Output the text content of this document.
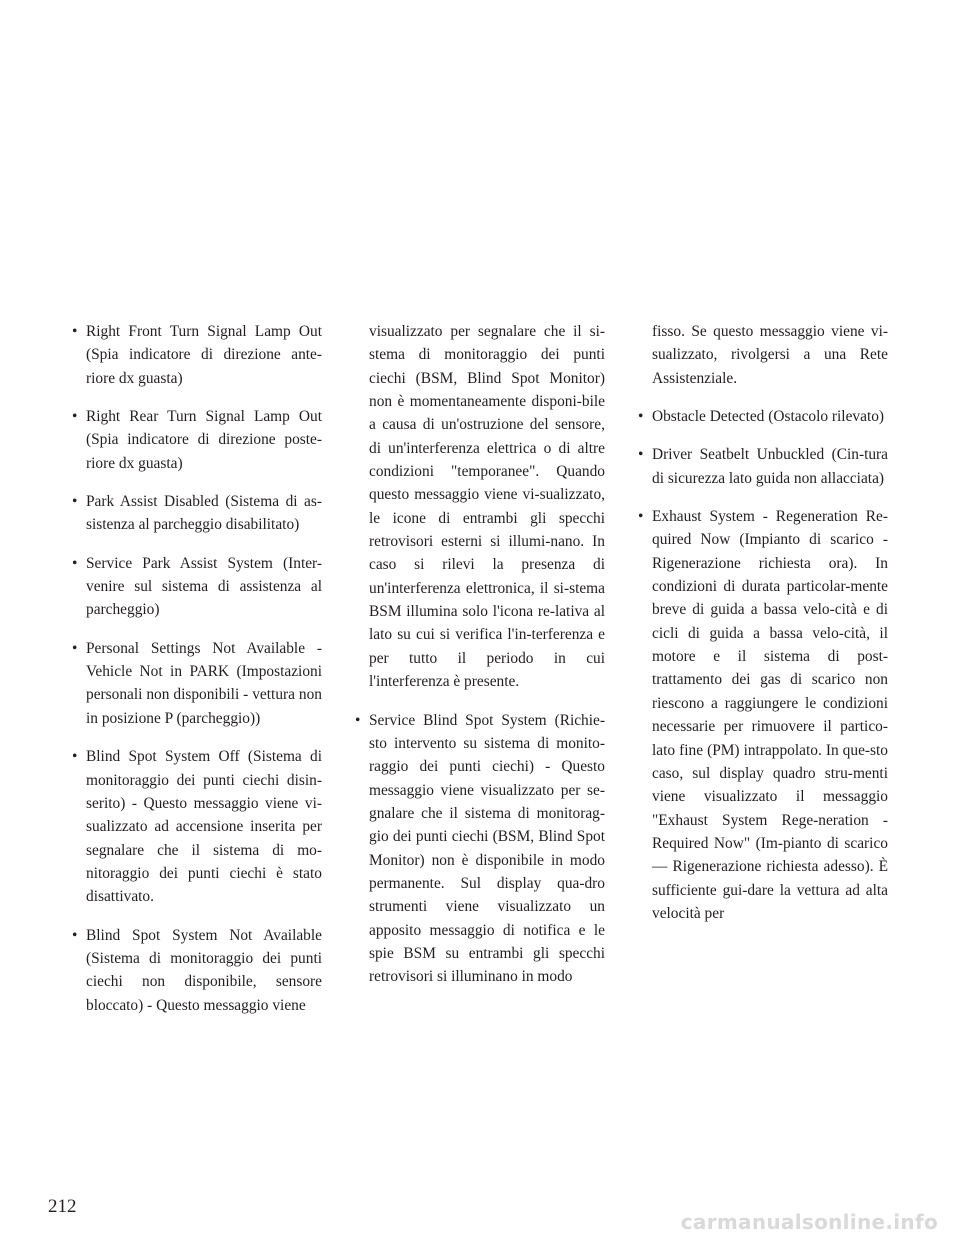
• Right Front Turn Signal Lamp Out (Spia indicatore di direzione ante-riore dx guasta)
• Right Rear Turn Signal Lamp Out (Spia indicatore di direzione poste-riore dx guasta)
• Park Assist Disabled (Sistema di as-sistenza al parcheggio disabilitato)
• Service Park Assist System (Inter-venire sul sistema di assistenza al parcheggio)
• Personal Settings Not Available - Vehicle Not in PARK (Impostazioni personali non disponibili - vettura non in posizione P (parcheggio))
• Blind Spot System Off (Sistema di monitoraggio dei punti ciechi disin-serito) - Questo messaggio viene vi-sualizzato ad accensione inserita per segnalare che il sistema di mo-nitoraggio dei punti ciechi è stato disattivato.
• Blind Spot System Not Available (Sistema di monitoraggio dei punti ciechi non disponibile, sensore bloccato) - Questo messaggio viene

visualizzato per segnalare che il si-stema di monitoraggio dei punti ciechi (BSM, Blind Spot Monitor) non è momentaneamente disponi-bile a causa di un'ostruzione del sensore, di un'interferenza elettrica o di altre condizioni "temporanee". Quando questo messaggio viene vi-sualizzato, le icone di entrambi gli specchi retrovisori esterni si illumi-nano. In caso si rilevi la presenza di un'interferenza elettronica, il si-stema BSM illumina solo l'icona re-lativa al lato su cui si verifica l'in-terferenza e per tutto il periodo in cui l'interferenza è presente.

• Service Blind Spot System (Richie-sto intervento su sistema di monito-raggio dei punti ciechi) - Questo messaggio viene visualizzato per se-gnalare che il sistema di monitorag-gio dei punti ciechi (BSM, Blind Spot Monitor) non è disponibile in modo permanente. Sul display qua-dro strumenti viene visualizzato un apposito messaggio di notifica e le spie BSM su entrambi gli specchi retrovisori si illuminano in modo

fisso. Se questo messaggio viene vi-sualizzato, rivolgersi a una Rete Assistenziale.

• Obstacle Detected (Ostacolo rilevato)
• Driver Seatbelt Unbuckled (Cin-tura di sicurezza lato guida non allacciata)
• Exhaust System - Regeneration Re-quired Now (Impianto di scarico - Rigenerazione richiesta ora). In condizioni di durata particolar-mente breve di guida a bassa velo-cità e di cicli di guida a bassa velo-cità, il motore e il sistema di post-trattamento dei gas di scarico non riescono a raggiungere le condizioni necessarie per rimuovere il partico-lato fine (PM) intrappolato. In que-sto caso, sul display quadro stru-menti viene visualizzato il messaggio "Exhaust System Rege-neration - Required Now" (Im-pianto di scarico — Rigenerazione richiesta adesso). È sufficiente gui-dare la vettura ad alta velocità per
212
carmanualsonline.info
